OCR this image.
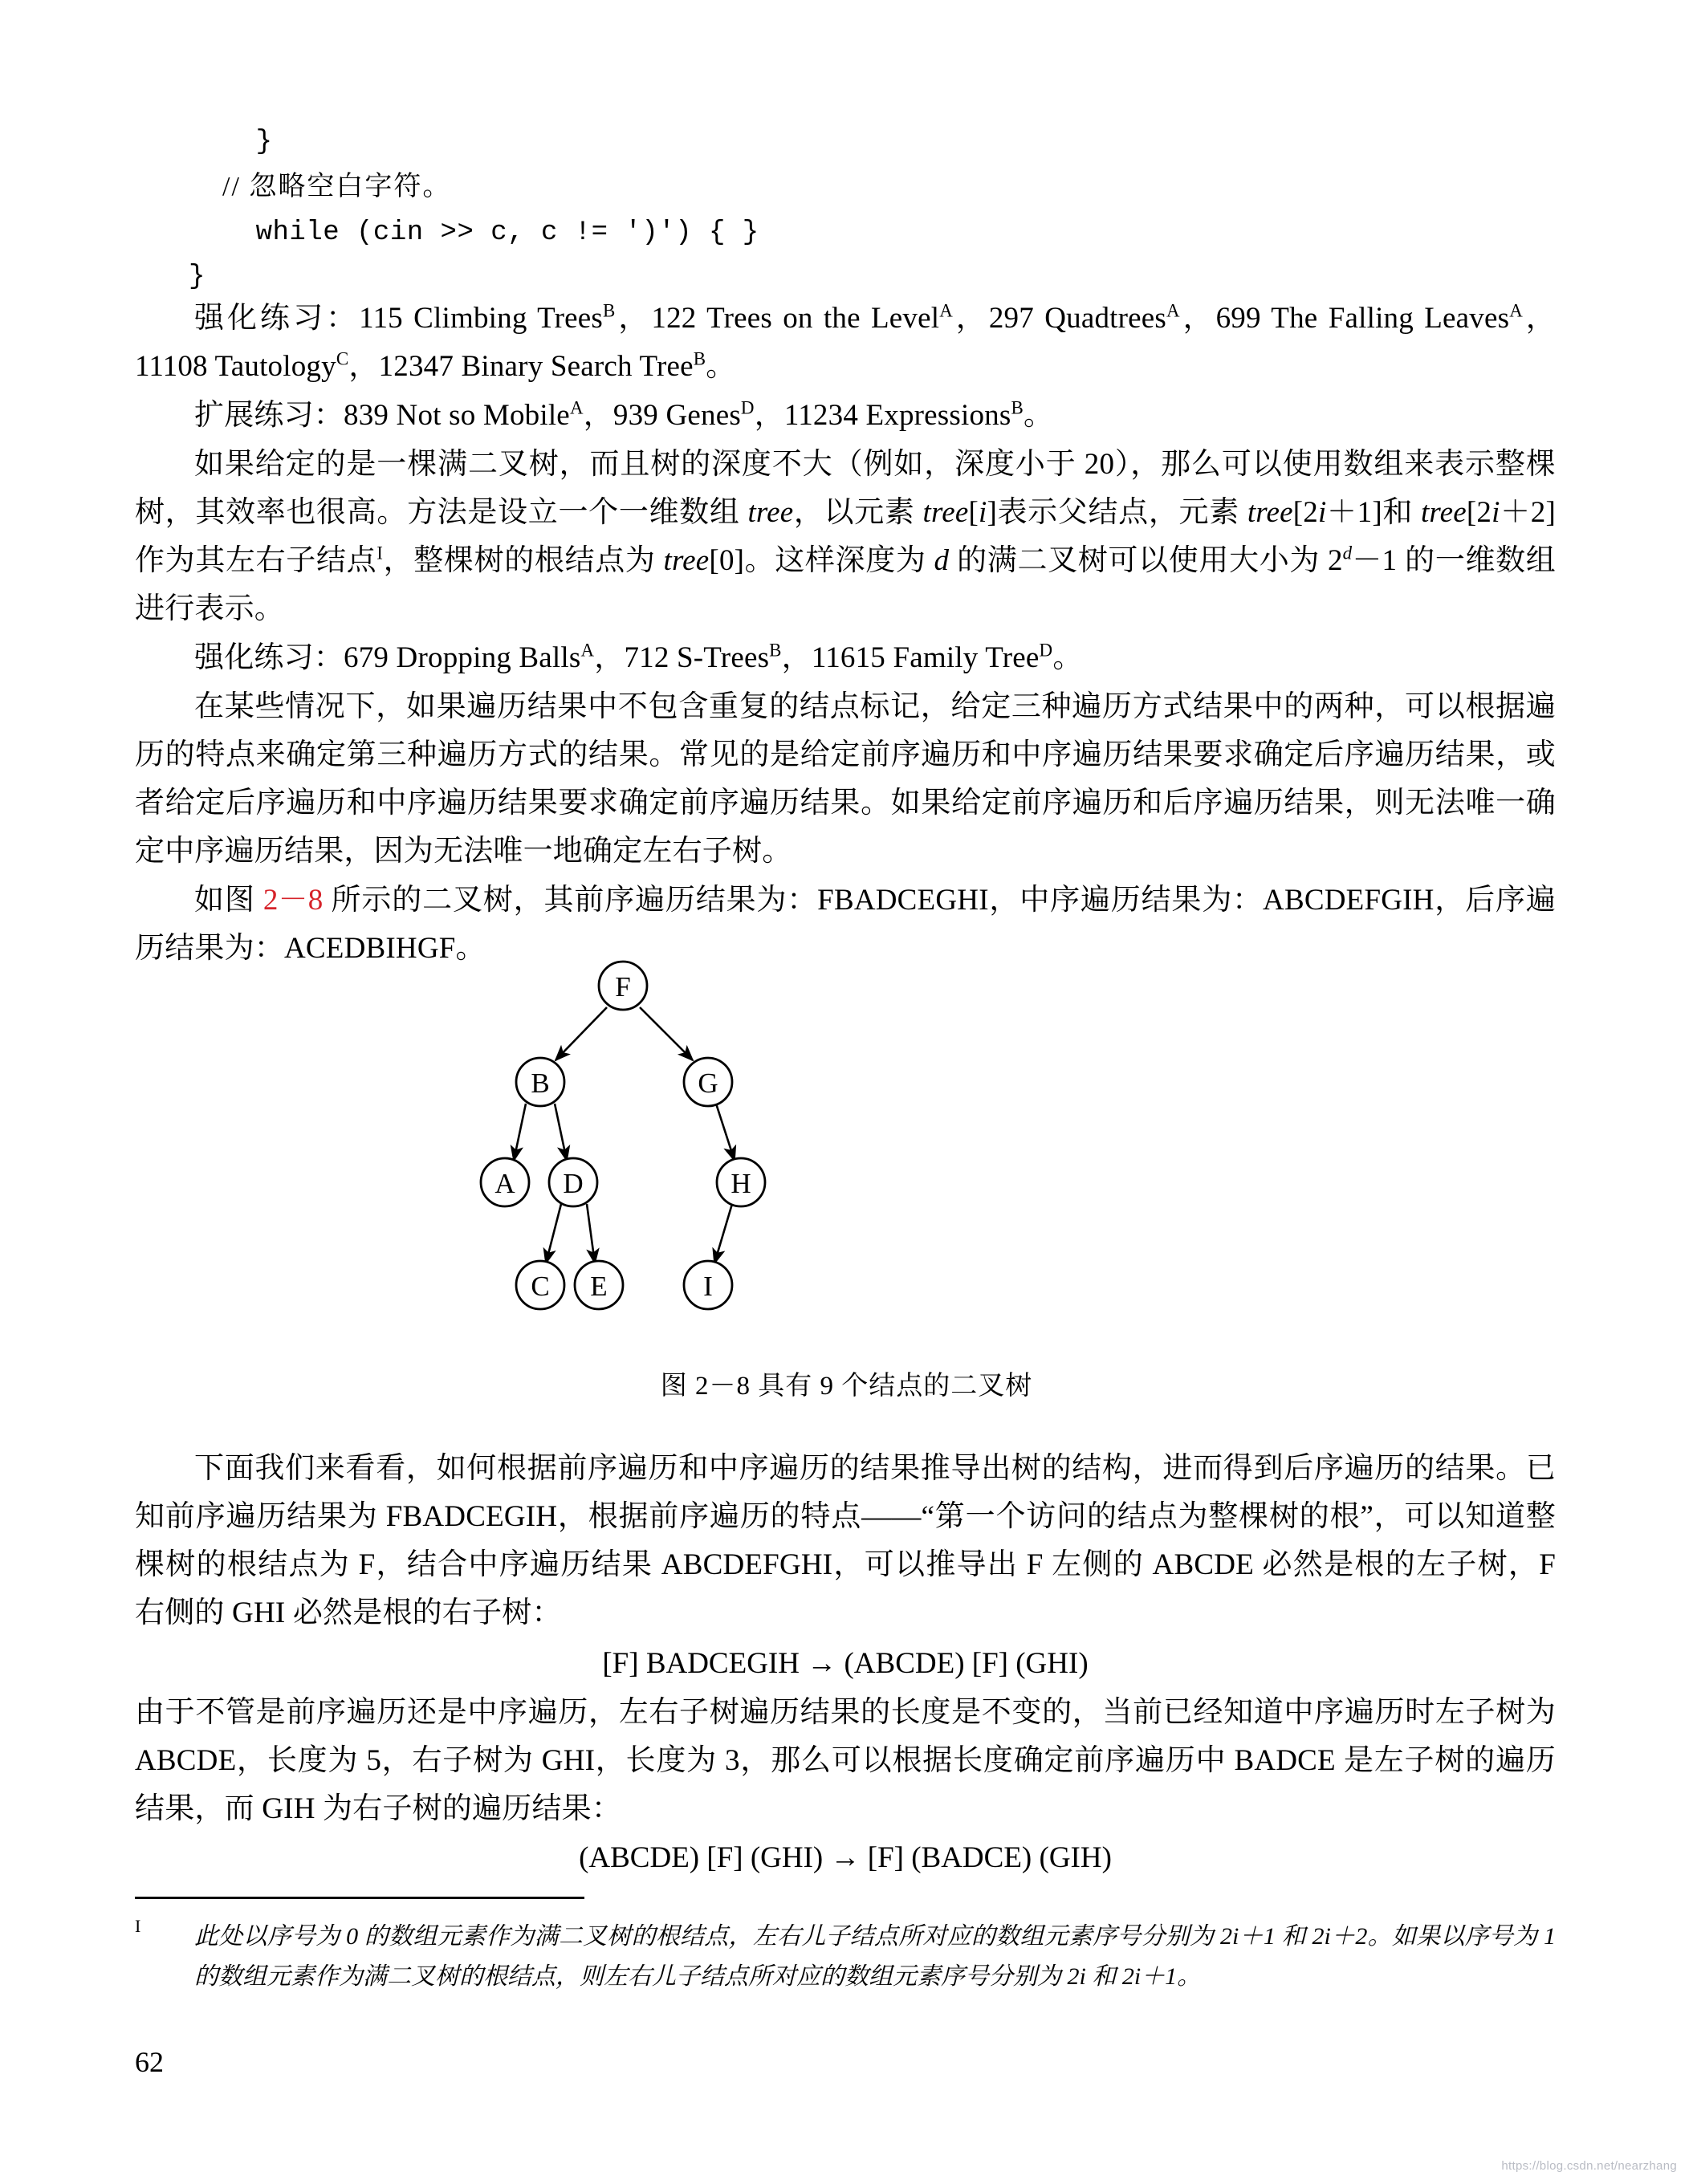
}
// 忽略空白字符。
while (cin >> c, c != ')') { }
}

强化练习：115 Climbing Trees$^B$，122 Trees on the Level$^A$，297 Quadtrees$^A$，699 The Falling Leaves$^A$，11108 Tautology$^C$，12347 Binary Search Tree$^B$。

扩展练习：839 Not so Mobile$^A$，939 Genes$^D$，11234 Expressions$^B$。

如果给定的是一棵满二叉树，而且树的深度不大（例如，深度小于 20），那么可以使用数组来表示整棵树，其效率也很高。方法是设立一个一维数组 tree，以元素 tree[i]表示父结点，元素 tree[2i＋1]和 tree[2i＋2]作为其左右子结点$^I$，整棵树的根结点为 tree[0]。这样深度为 d 的满二叉树可以使用大小为 $2^d-1$ 的一维数组进行表示。

强化练习：679 Dropping Balls$^A$，712 S-Trees$^B$，11615 Family Tree$^D$。

在某些情况下，如果遍历结果中不包含重复的结点标记，给定三种遍历方式结果中的两种，可以根据遍历的特点来确定第三种遍历方式的结果。常见的是给定前序遍历和中序遍历结果要求确定后序遍历结果，或者给定后序遍历和中序遍历结果要求确定前序遍历结果。如果给定前序遍历和后序遍历结果，则无法唯一确定中序遍历结果，因为无法唯一地确定左右子树。

如图 2－8 所示的二叉树，其前序遍历结果为：FBADCEGHI，中序遍历结果为：ABCDEFGIH，后序遍历结果为：ACEDBIHGF。

F
B	G
A D	H
C E	I
图 2－8 具有 9 个结点的二叉树

下面我们来看看，如何根据前序遍历和中序遍历的结果推导出树的结构，进而得到后序遍历的结果。已知前序遍历结果为 FBADCEGIH，根据前序遍历的特点——“第一个访问的结点为整棵树的根”，可以知道整棵树的根结点为 F，结合中序遍历结果 ABCDEFGHI，可以推导出 F 左侧的 ABCDE 必然是根的左子树，F 右侧的 GHI 必然是根的右子树：

[F] BADCEGIH → (ABCDE) [F] (GHI)

由于不管是前序遍历还是中序遍历，左右子树遍历结果的长度是不变的，当前已经知道中序遍历时左子树为 ABCDE，长度为 5，右子树为 GHI，长度为 3，那么可以根据长度确定前序遍历中 BADCE 是左子树的遍历结果，而 GIH 为右子树的遍历结果：

(ABCDE) [F] (GHI) → [F] (BADCE) (GIH)

I 此处以序号为 0 的数组元素作为满二叉树的根结点，左右儿子结点所对应的数组元素序号分别为 2i＋1 和 2i＋2。如果以序号为 1 的数组元素作为满二叉树的根结点，则左右儿子结点所对应的数组元素序号分别为 2i 和 2i＋1。
62
https://blog.csdn.net/nearzhang
